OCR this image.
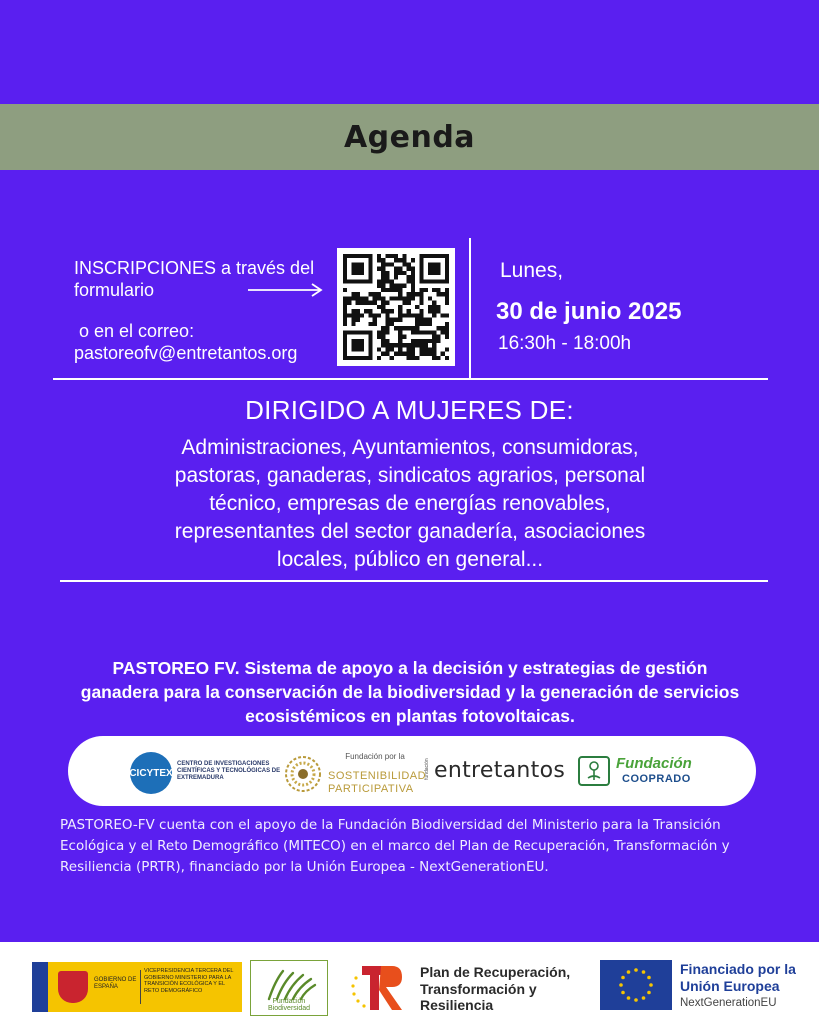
Agenda
INSCRIPCIONES a través del formulario
o en el correo:
pastoreofv@entretantos.org
Lunes,
30 de junio 2025
16:30h - 18:00h
DIRIGIDO A MUJERES DE:
Administraciones, Ayuntamientos, consumidoras, pastoras, ganaderas, sindicatos agrarios, personal técnico, empresas de energías renovables, representantes del sector ganadería, asociaciones locales, público en general...
PASTOREO FV. Sistema de apoyo a la decisión y estrategias de gestión ganadera para la conservación de la biodiversidad y la generación de servicios ecosistémicos en plantas fotovoltaicas.
CICYTEX
CENTRO DE INVESTIGACIONES CIENTÍFICAS Y TECNOLÓGICAS DE EXTREMADURA
Fundación por la
SOSTENIBILIDAD
PARTICIPATIVA
fundación entretantos	Fundación
COOPRADO
PASTOREO-FV cuenta con el apoyo de la Fundación Biodiversidad del Ministerio para la Transición Ecológica y el Reto Demográfico (MITECO) en el marco del Plan de Recuperación, Transformación y Resiliencia (PRTR), financiado por la Unión Europea - NextGenerationEU.
GOBIERNO DE ESPAÑA
VICEPRESIDENCIA TERCERA DEL GOBIERNO MINISTERIO PARA LA TRANSICIÓN ECOLÓGICA Y EL RETO DEMOGRÁFICO
Fundación Biodiversidad
Plan de Recuperación, Transformación y Resiliencia
Financiado por la Unión Europea
NextGenerationEU
